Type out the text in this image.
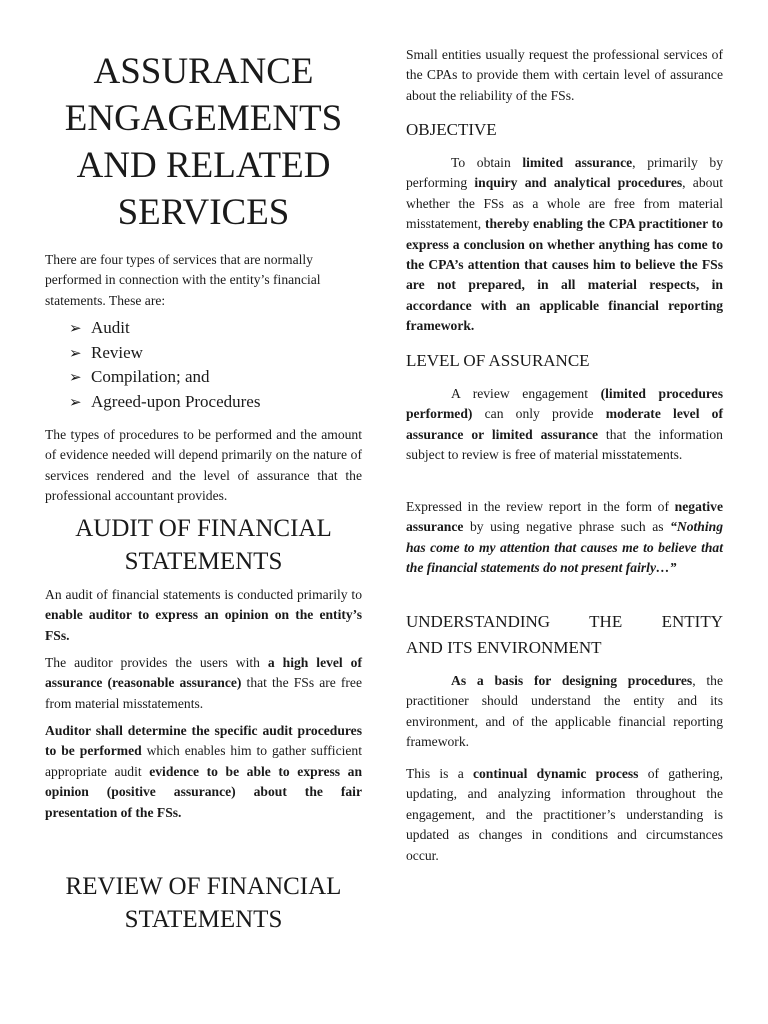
ASSURANCE
ENGAGEMENTS
AND RELATED
SERVICES

There are four types of services that are normally performed in connection with the entity’s financial statements. These are:

➢ Audit
➢ Review
➢ Compilation; and
➢ Agreed-upon Procedures

The types of procedures to be performed and the amount of evidence needed will depend primarily on the nature of services rendered and the level of assurance that the professional accountant provides.

AUDIT OF FINANCIAL
STATEMENTS

An audit of financial statements is conducted primarily to enable auditor to express an opinion on the entity’s FSs.

The auditor provides the users with a high level of assurance (reasonable assurance) that the FSs are free from material misstatements.

Auditor shall determine the specific audit procedures to be performed which enables him to gather sufficient appropriate audit evidence to be able to express an opinion (positive assurance) about the fair presentation of the FSs.

REVIEW OF FINANCIAL
STATEMENTS

Small entities usually request the professional services of the CPAs to provide them with certain level of assurance about the reliability of the FSs.

OBJECTIVE

To obtain limited assurance, primarily by performing inquiry and analytical procedures, about whether the FSs as a whole are free from material misstatement, thereby enabling the CPA practitioner to express a conclusion on whether anything has come to the CPA’s attention that causes him to believe the FSs are not prepared, in all material respects, in accordance with an applicable financial reporting framework.

LEVEL OF ASSURANCE

A review engagement (limited procedures performed) can only provide moderate level of assurance or limited assurance that the information subject to review is free of material misstatements.

Expressed in the review report in the form of negative assurance by using negative phrase such as “Nothing has come to my attention that causes me to believe that the financial statements do not present fairly…”

UNDERSTANDING THE ENTITY
AND ITS ENVIRONMENT

As a basis for designing procedures, the practitioner should understand the entity and its environment, and of the applicable financial reporting framework.

This is a continual dynamic process of gathering, updating, and analyzing information throughout the engagement, and the practitioner’s understanding is updated as changes in conditions and circumstances occur.
